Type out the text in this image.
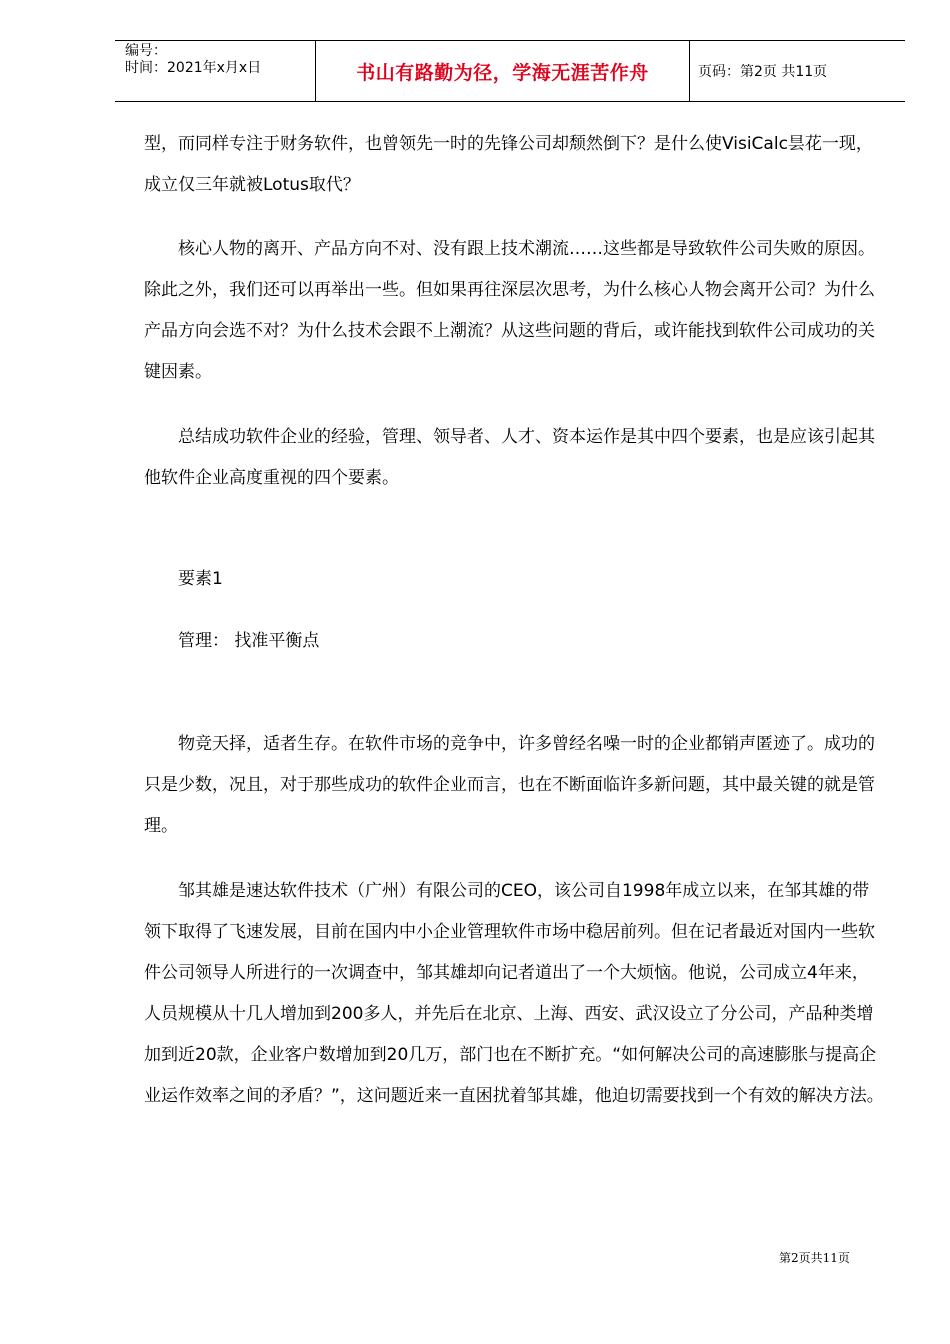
编号：
时间：2021年x月x日	书山有路勤为径，学海无涯苦作舟	页码：第2页 共11页

型，而同样专注于财务软件，也曾领先一时的先锋公司却颓然倒下？是什么使VisiCalc昙花一现，成立仅三年就被Lotus取代？

核心人物的离开、产品方向不对、没有跟上技术潮流……这些都是导致软件公司失败的原因。除此之外，我们还可以再举出一些。但如果再往深层次思考，为什么核心人物会离开公司？为什么产品方向会选不对？为什么技术会跟不上潮流？从这些问题的背后，或许能找到软件公司成功的关键因素。

总结成功软件企业的经验，管理、领导者、人才、资本运作是其中四个要素，也是应该引起其他软件企业高度重视的四个要素。

要素1

管理： 找准平衡点

物竞天择，适者生存。在软件市场的竞争中，许多曾经名噪一时的企业都销声匿迹了。成功的只是少数，况且，对于那些成功的软件企业而言，也在不断面临许多新问题，其中最关键的就是管理。

邹其雄是速达软件技术（广州）有限公司的CEO，该公司自1998年成立以来，在邹其雄的带领下取得了飞速发展，目前在国内中小企业管理软件市场中稳居前列。但在记者最近对国内一些软件公司领导人所进行的一次调查中，邹其雄却向记者道出了一个大烦恼。他说，公司成立4年来，人员规模从十几人增加到200多人，并先后在北京、上海、西安、武汉设立了分公司，产品种类增加到近20款，企业客户数增加到20几万，部门也在不断扩充。“如何解决公司的高速膨胀与提高企业运作效率之间的矛盾？”，这问题近来一直困扰着邹其雄，他迫切需要找到一个有效的解决方法。

第2页共11页
